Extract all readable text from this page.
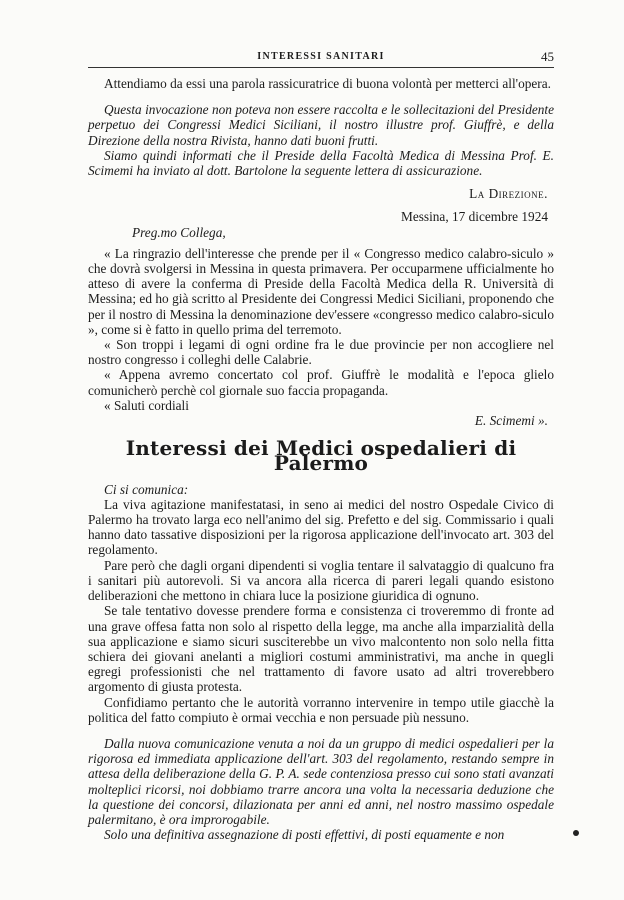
INTERESSI SANITARI	45

Attendiamo da essi una parola rassicuratrice di buona volontà per metterci all'opera.

Questa invocazione non poteva non essere raccolta e le sollecitazioni del Presidente perpetuo dei Congressi Medici Siciliani, il nostro illustre prof. Giuffrè, e della Direzione della nostra Rivista, hanno dati buoni frutti.

Siamo quindi informati che il Preside della Facoltà Medica di Messina Prof. E. Scimemi ha inviato al dott. Bartolone la seguente lettera di assicurazione.

La Direzione.

Messina, 17 dicembre 1924

Preg.mo Collega,

« La ringrazio dell'interesse che prende per il « Congresso medico calabro-siculo » che dovrà svolgersi in Messina in questa primavera. Per occuparmene ufficialmente ho atteso di avere la conferma di Preside della Facoltà Medica della R. Università di Messina; ed ho già scritto al Presidente dei Congressi Medici Siciliani, proponendo che per il nostro di Messina la denominazione dev'essere «congresso medico calabro-siculo », come si è fatto in quello prima del terremoto.

« Son troppi i legami di ogni ordine fra le due provincie per non accogliere nel nostro congresso i colleghi delle Calabrie.

« Appena avremo concertato col prof. Giuffrè le modalità e l'epoca glielo comunicherò perchè col giornale suo faccia propaganda.

« Saluti cordiali

E. Scimemi ».

Interessi dei Medici ospedalieri di Palermo

Ci si comunica:

La viva agitazione manifestatasi, in seno ai medici del nostro Ospedale Civico di Palermo ha trovato larga eco nell'animo del sig. Prefetto e del sig. Commissario i quali hanno dato tassative disposizioni per la rigorosa applicazione dell'invocato art. 303 del regolamento.

Pare però che dagli organi dipendenti si voglia tentare il salvataggio di qualcuno fra i sanitari più autorevoli. Si va ancora alla ricerca di pareri legali quando esistono deliberazioni che mettono in chiara luce la posizione giuridica di ognuno.

Se tale tentativo dovesse prendere forma e consistenza ci troveremmo di fronte ad una grave offesa fatta non solo al rispetto della legge, ma anche alla imparzialità della sua applicazione e siamo sicuri susciterebbe un vivo malcontento non solo nella fitta schiera dei giovani anelanti a migliori costumi amministrativi, ma anche in quegli egregi professionisti che nel trattamento di favore usato ad altri troverebbero argomento di giusta protesta.

Confidiamo pertanto che le autorità vorranno intervenire in tempo utile giacchè la politica del fatto compiuto è ormai vecchia e non persuade più nessuno.

Dalla nuova comunicazione venuta a noi da un gruppo di medici ospedalieri per la rigorosa ed immediata applicazione dell'art. 303 del regolamento, restando sempre in attesa della deliberazione della G. P. A. sede contenziosa presso cui sono stati avanzati molteplici ricorsi, noi dobbiamo trarre ancora una volta la necessaria deduzione che la questione dei concorsi, dilazionata per anni ed anni, nel nostro massimo ospedale palermitano, è ora improrogabile.

Solo una definitiva assegnazione di posti effettivi, di posti equamente e non
